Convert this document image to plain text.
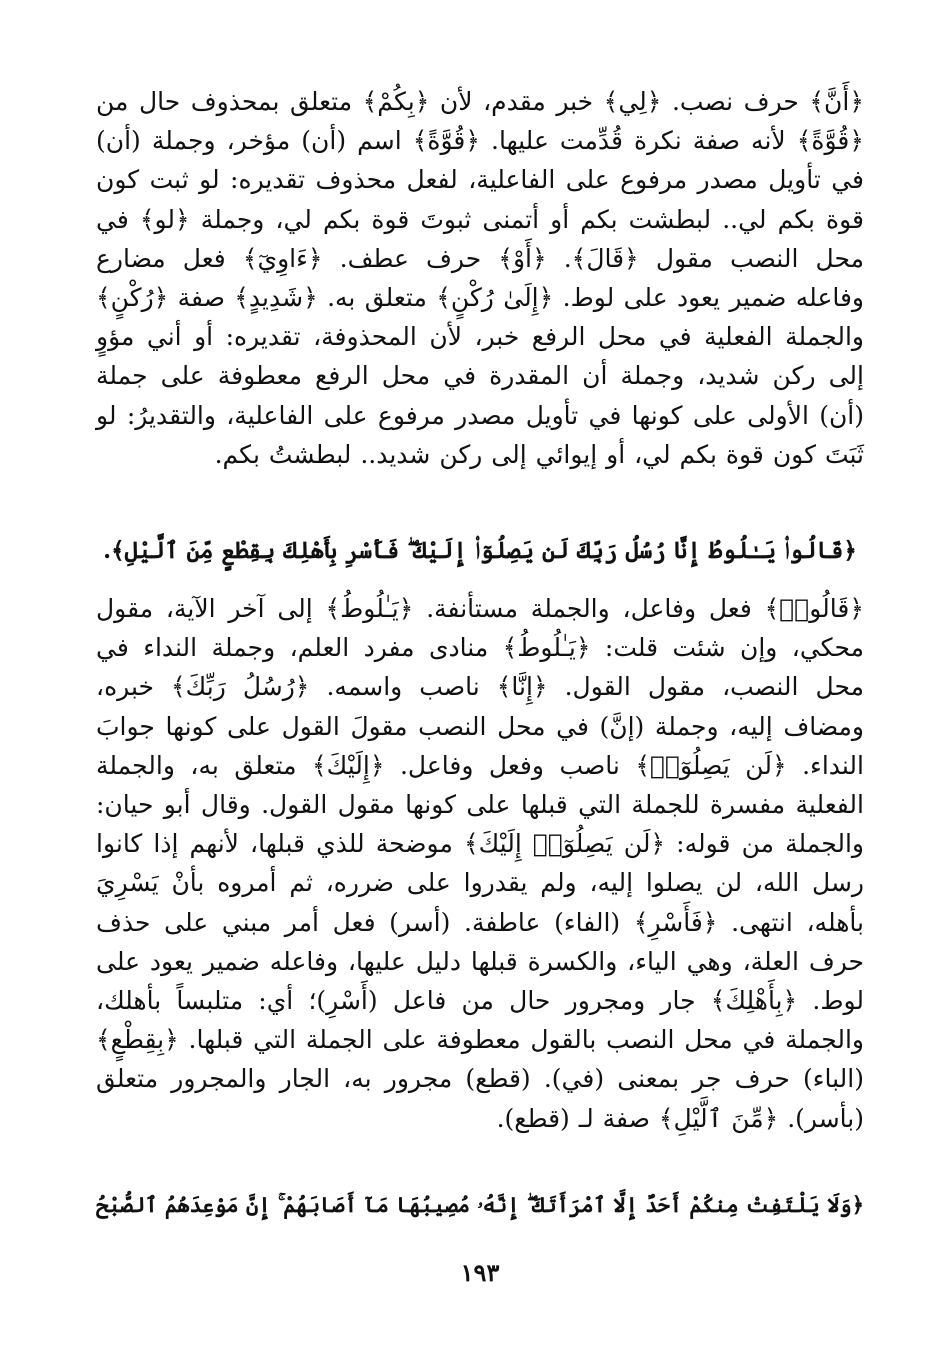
﴿أَنَّ﴾ حرف نصب. ﴿لِي﴾ خبر مقدم، لأن ﴿بِكُمْ﴾ متعلق بمحذوف حال من ﴿قُوَّةً﴾ لأنه صفة نكرة قُدِّمت عليها. ﴿قُوَّةً﴾ اسم (أن) مؤخر، وجملة (أن) في تأويل مصدر مرفوع على الفاعلية، لفعل محذوف تقديره: لو ثبت كون قوة بكم لي.. لبطشت بكم أو أتمنى ثبوتَ قوة بكم لي، وجملة ﴿لو﴾ في محل النصب مقول ﴿قَالَ﴾. ﴿أَوْ﴾ حرف عطف. ﴿ءَاوِيٓ﴾ فعل مضارع وفاعله ضمير يعود على لوط. ﴿إِلَىٰ رُكْنٍ﴾ متعلق به. ﴿شَدِيدٍ﴾ صفة ﴿رُكْنٍ﴾ والجملة الفعلية في محل الرفع خبر، لأن المحذوفة، تقديره: أو أني مؤوٍ إلى ركن شديد، وجملة أن المقدرة في محل الرفع معطوفة على جملة (أن) الأولى على كونها في تأويل مصدر مرفوع على الفاعلية، والتقديرُ: لو ثَبَتَ كون قوة بكم لي، أو إيوائي إلى ركن شديد.. لبطشتُ بكم.

﴿قَالُوا۟ يَـٰلُوطُ إِنَّا رُسُلُ رَبِّكَ لَن يَصِلُوٓا۟ إِلَيْكَ ۖ فَأَسْرِ بِأَهْلِكَ بِقِطْعٍ مِّنَ ٱلَّيْلِ﴾.

﴿قَالُوا۟﴾ فعل وفاعل، والجملة مستأنفة. ﴿يَـٰلُوطُ﴾ إلى آخر الآية، مقول محكي، وإن شئت قلت: ﴿يَـٰلُوطُ﴾ منادى مفرد العلم، وجملة النداء في محل النصب، مقول القول. ﴿إِنَّا﴾ ناصب واسمه. ﴿رُسُلُ رَبِّكَ﴾ خبره، ومضاف إليه، وجملة (إنَّ) في محل النصب مقولَ القول على كونها جوابَ النداء. ﴿لَن يَصِلُوٓا۟﴾ ناصب وفعل وفاعل. ﴿إِلَيْكَ﴾ متعلق به، والجملة الفعلية مفسرة للجملة التي قبلها على كونها مقول القول. وقال أبو حيان: والجملة من قوله: ﴿لَن يَصِلُوٓا۟ إِلَيْكَ﴾ موضحة للذي قبلها، لأنهم إذا كانوا رسل الله، لن يصلوا إليه، ولم يقدروا على ضرره، ثم أمروه بأنْ يَسْرِيَ بأهله، انتهى. ﴿فَأَسْرِ﴾ (الفاء) عاطفة. (أسر) فعل أمر مبني على حذف حرف العلة، وهي الياء، والكسرة قبلها دليل عليها، وفاعله ضمير يعود على لوط. ﴿بِأَهْلِكَ﴾ جار ومجرور حال من فاعل (أَسْرِ)؛ أي: متلبساً بأهلك، والجملة في محل النصب بالقول معطوفة على الجملة التي قبلها. ﴿بِقِطْعٍ﴾ (الباء) حرف جر بمعنى (في). (قطع) مجرور به، الجار والمجرور متعلق (بأسر). ﴿مِّنَ ٱلَّيْلِ﴾ صفة لـ (قطع).

﴿وَلَا يَلْتَفِتْ مِنكُمْ أَحَدٌ إِلَّا ٱمْرَأَتَكَ ۖ إِنَّهُۥ مُصِيبُهَا مَآ أَصَابَهُمْ ۚ إِنَّ مَوْعِدَهُمُ ٱلصُّبْحُ
١٩٣
